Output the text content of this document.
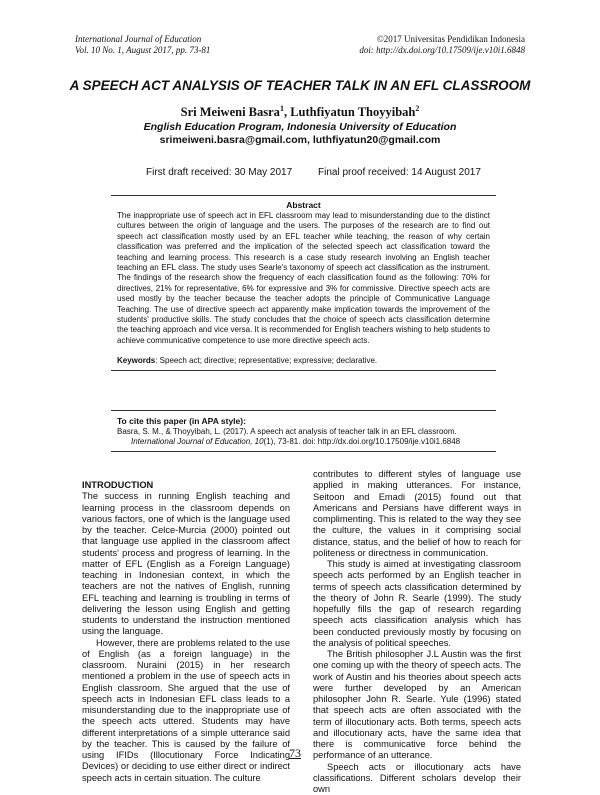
International Journal of Education
Vol. 10 No. 1, August 2017, pp. 73-81
©2017 Universitas Pendidikan Indonesia
doi: http://dx.doi.org/10.17509/ije.v10i1.6848
A SPEECH ACT ANALYSIS OF TEACHER TALK IN AN EFL CLASSROOM
Sri Meiweni Basra$^1$, Luthfiyatun Thoyyibah$^2$
English Education Program, Indonesia University of Education
srimeiweni.basra@gmail.com, luthfiyatun20@gmail.com
First draft received: 30 May 2017	Final proof received: 14 August 2017
Abstract

The inappropriate use of speech act in EFL classroom may lead to misunderstanding due to the distinct cultures between the origin of language and the users. The purposes of the research are to find out speech act classification mostly used by an EFL teacher while teaching, the reason of why certain classification was preferred and the implication of the selected speech act classification toward the teaching and learning process. This research is a case study research involving an English teacher teaching an EFL class. The study uses Searle's taxonomy of speech act classification as the instrument. The findings of the research show the frequency of each classification found as the following: 70% for directives, 21% for representative, 6% for expressive and 3% for commissive. Directive speech acts are used mostly by the teacher because the teacher adopts the principle of Communicative Language Teaching. The use of directive speech act apparently make implication towards the improvement of the students' productive skills. The study concludes that the choice of speech acts classification determine the teaching approach and vice versa. It is recommended for English teachers wishing to help students to achieve communicative competence to use more directive speech acts.

Keywords: Speech act; directive; representative; expressive; declarative.

To cite this paper (in APA style):
Basra, S. M., & Thoyyibah, L. (2017). A speech act analysis of teacher talk in an EFL classroom.
International Journal of Education, 10(1), 73-81. doi: http://dx.doi.org/10.17509/ije.v10i1.6848
INTRODUCTION

The success in running English teaching and learning process in the classroom depends on various factors, one of which is the language used by the teacher. Celce-Murcia (2000) pointed out that language use applied in the classroom affect students' process and progress of learning. In the matter of EFL (English as a Foreign Language) teaching in Indonesian context, in which the teachers are not the natives of English, running EFL teaching and learning is troubling in terms of delivering the lesson using English and getting students to understand the instruction mentioned using the language.

However, there are problems related to the use of English (as a foreign language) in the classroom. Nuraini (2015) in her research mentioned a problem in the use of speech acts in English classroom. She argued that the use of speech acts in Indonesian EFL class leads to a misunderstanding due to the inappropriate use of the speech acts uttered. Students may have different interpretations of a simple utterance said by the teacher. This is caused by the failure of using IFIDs (Illocutionary Force Indicating Devices) or deciding to use either direct or indirect speech acts in certain situation. The culture

contributes to different styles of language use applied in making utterances. For instance, Seitoon and Emadi (2015) found out that Americans and Persians have different ways in complimenting. This is related to the way they see the culture, the values in it comprising social distance, status, and the belief of how to reach for politeness or directness in communication.

This study is aimed at investigating classroom speech acts performed by an English teacher in terms of speech acts classification determined by the theory of John R. Searle (1999). The study hopefully fills the gap of research regarding speech acts classification analysis which has been conducted previously mostly by focusing on the analysis of political speeches.

The British philosopher J.L Austin was the first one coming up with the theory of speech acts. The work of Austin and his theories about speech acts were further developed by an American philosopher John R. Searle. Yule (1996) stated that speech acts are often associated with the term of illocutionary acts. Both terms, speech acts and illocutionary acts, have the same idea that there is communicative force behind the performance of an utterance.

Speech acts or illocutionary acts have classifications. Different scholars develop their own

73
